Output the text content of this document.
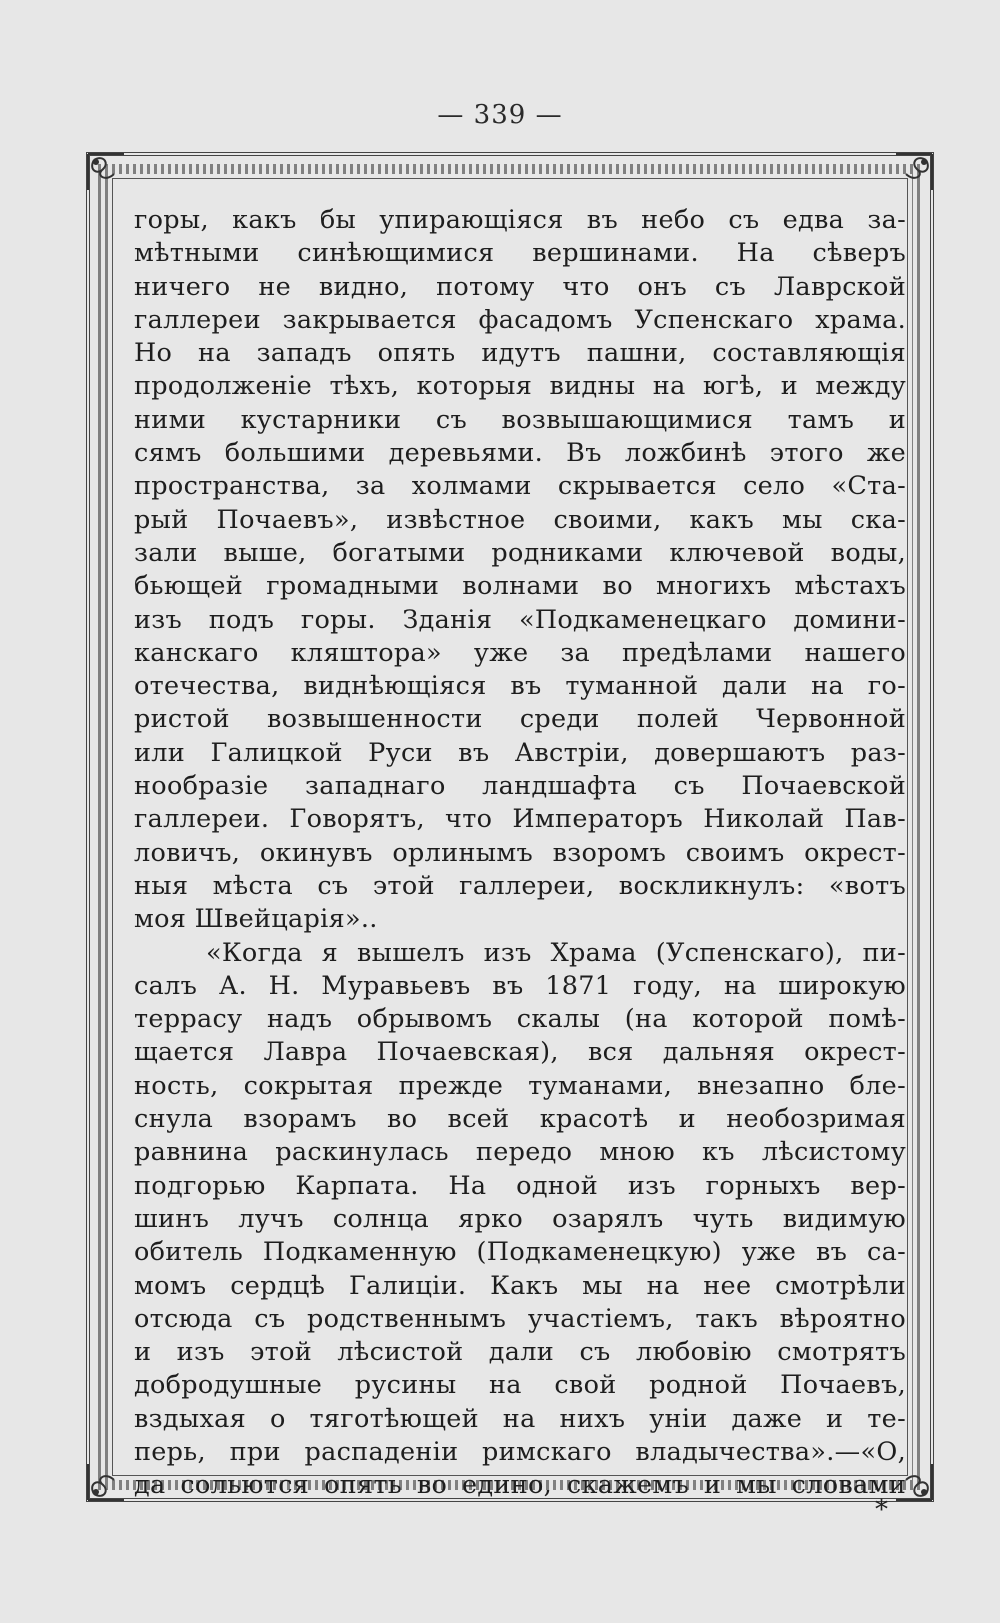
— 339 —
горы, какъ бы упирающіяся въ небо съ едва за-
мѣтными синѣющимися вершинами. На сѣверъ
ничего не видно, потому что онъ съ Лаврской
галлереи закрывается фасадомъ Успенскаго храма.
Но на западъ опять идутъ пашни, составляющія
продолженіе тѣхъ, которыя видны на югѣ, и между
ними кустарники съ возвышающимися тамъ и
сямъ большими деревьями. Въ ложбинѣ этого же
пространства, за холмами скрывается село «Ста-
рый Почаевъ», извѣстное своими, какъ мы ска-
зали выше, богатыми родниками ключевой воды,
бьющей громадными волнами во многихъ мѣстахъ
изъ подъ горы. Зданія «Подкаменецкаго домини-
канскаго кляштора» уже за предѣлами нашего
отечества, виднѣющіяся въ туманной дали на го-
ристой возвышенности среди полей Червонной
или Галицкой Руси въ Австріи, довершаютъ раз-
нообразіе западнаго ландшафта съ Почаевской
галлереи. Говорятъ, что Императоръ Николай Пав-
ловичъ, окинувъ орлинымъ взоромъ своимъ окрест-
ныя мѣста съ этой галлереи, воскликнулъ: «вотъ
моя Швейцарія»..
«Когда я вышелъ изъ Храма (Успенскаго), пи-
салъ А. Н. Муравьевъ въ 1871 году, на широкую
террасу надъ обрывомъ скалы (на которой помѣ-
щается Лавра Почаевская), вся дальняя окрест-
ность, сокрытая прежде туманами, внезапно бле-
снула взорамъ во всей красотѣ и необозримая
равнина раскинулась передо мною къ лѣсистому
подгорью Карпата. На одной изъ горныхъ вер-
шинъ лучъ солнца ярко озарялъ чуть видимую
обитель Подкаменную (Подкаменецкую) уже въ са-
момъ сердцѣ Галиціи. Какъ мы на нее смотрѣли
отсюда съ родственнымъ участіемъ, такъ вѣроятно
и изъ этой лѣсистой дали съ любовію смотрятъ
добродушные русины на свой родной Почаевъ,
вздыхая о тяготѣющей на нихъ уніи даже и те-
перь, при распаденіи римскаго владычества».—«О,
да сольются опять во едино, скажемъ и мы словами
*
